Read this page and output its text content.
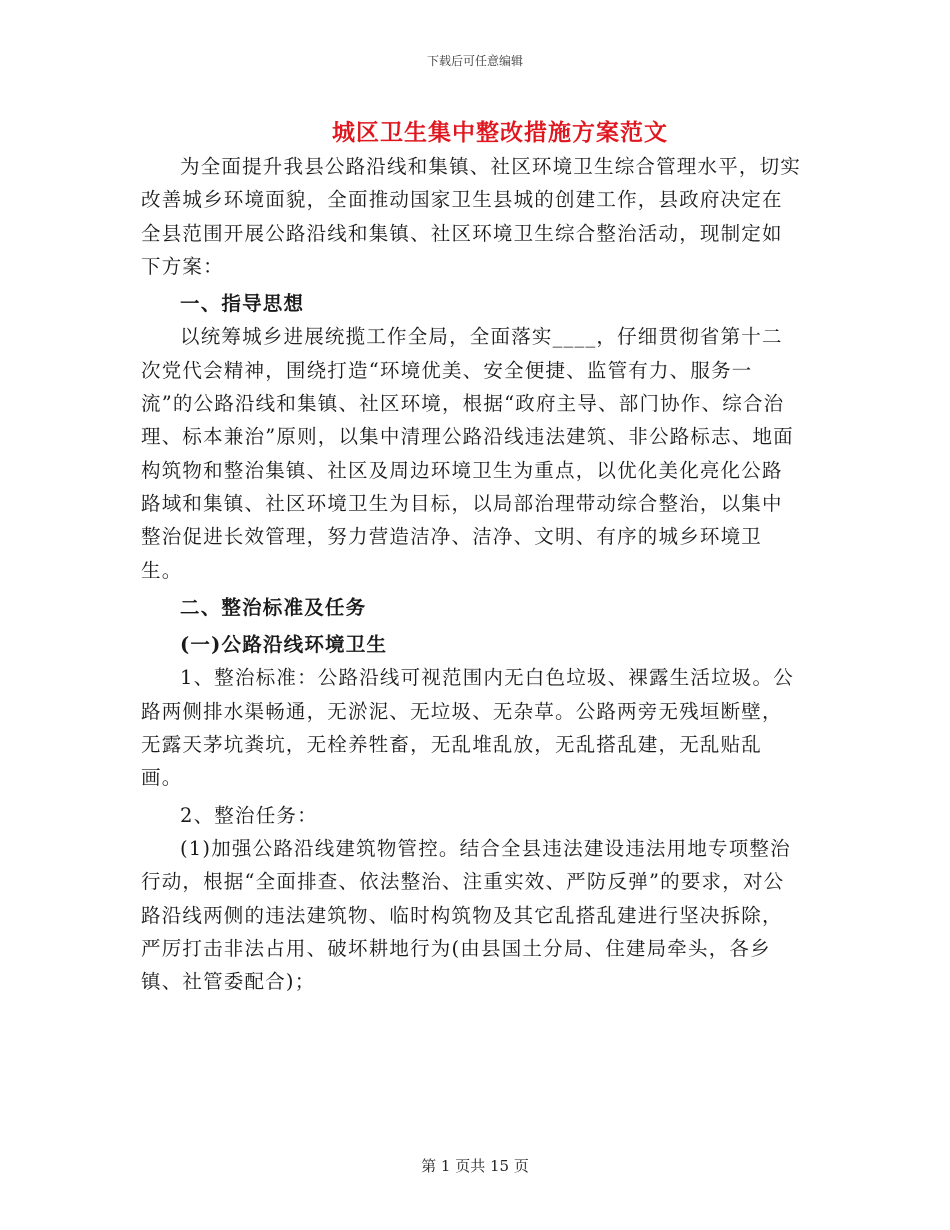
下载后可任意编辑
城区卫生集中整改措施方案范文

为全面提升我县公路沿线和集镇、社区环境卫生综合管理水平，切实改善城乡环境面貌，全面推动国家卫生县城的创建工作，县政府决定在全县范围开展公路沿线和集镇、社区环境卫生综合整治活动，现制定如下方案：

一、指导思想

以统筹城乡进展统揽工作全局，全面落实____，仔细贯彻省第十二次党代会精神，围绕打造“环境优美、安全便捷、监管有力、服务一流”的公路沿线和集镇、社区环境，根据“政府主导、部门协作、综合治理、标本兼治”原则，以集中清理公路沿线违法建筑、非公路标志、地面构筑物和整治集镇、社区及周边环境卫生为重点，以优化美化亮化公路路域和集镇、社区环境卫生为目标，以局部治理带动综合整治，以集中整治促进长效管理，努力营造洁净、洁净、文明、有序的城乡环境卫生。

二、整治标准及任务

(一)公路沿线环境卫生

1、整治标准：公路沿线可视范围内无白色垃圾、裸露生活垃圾。公路两侧排水渠畅通，无淤泥、无垃圾、无杂草。公路两旁无残垣断壁，无露天茅坑粪坑，无栓养牲畜，无乱堆乱放，无乱搭乱建，无乱贴乱画。

2、整治任务：

(1)加强公路沿线建筑物管控。结合全县违法建设违法用地专项整治行动，根据“全面排查、依法整治、注重实效、严防反弹”的要求，对公路沿线两侧的违法建筑物、临时构筑物及其它乱搭乱建进行坚决拆除，严厉打击非法占用、破坏耕地行为(由县国土分局、住建局牵头，各乡镇、社管委配合)；

第 1 页共 15 页
